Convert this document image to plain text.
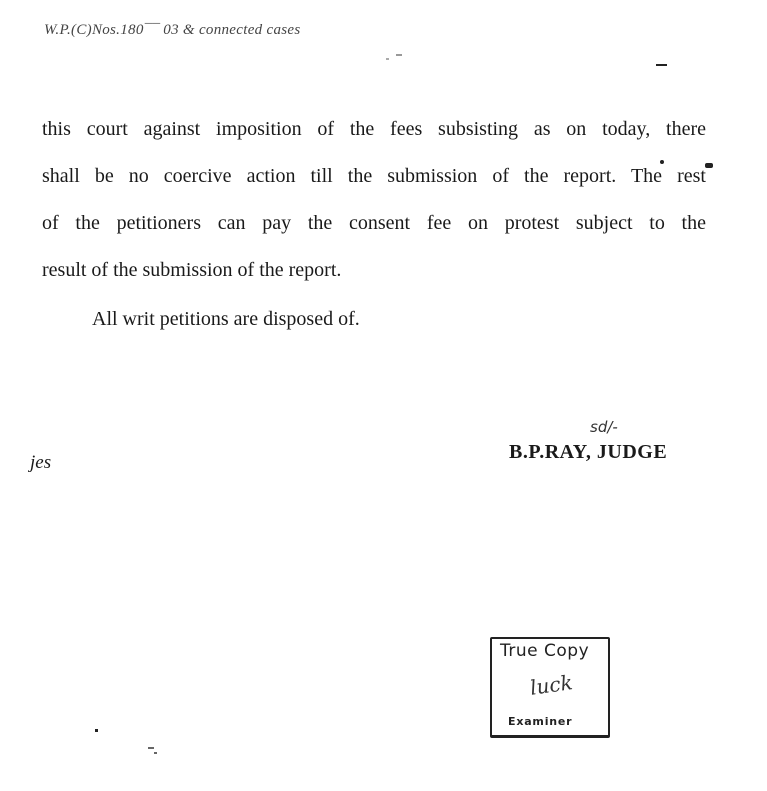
W.P.(C)Nos.180¯¯ 03 & connected cases
this court against imposition of the fees subsisting as on today, there
shall be no coercive action till the submission of the report. The rest
of the petitioners can pay the consent fee on protest subject to the
result of the submission of the report.
All writ petitions are disposed of.
sd/-
B.P.RAY, JUDGE
jes
True Copy
luck
Examiner
